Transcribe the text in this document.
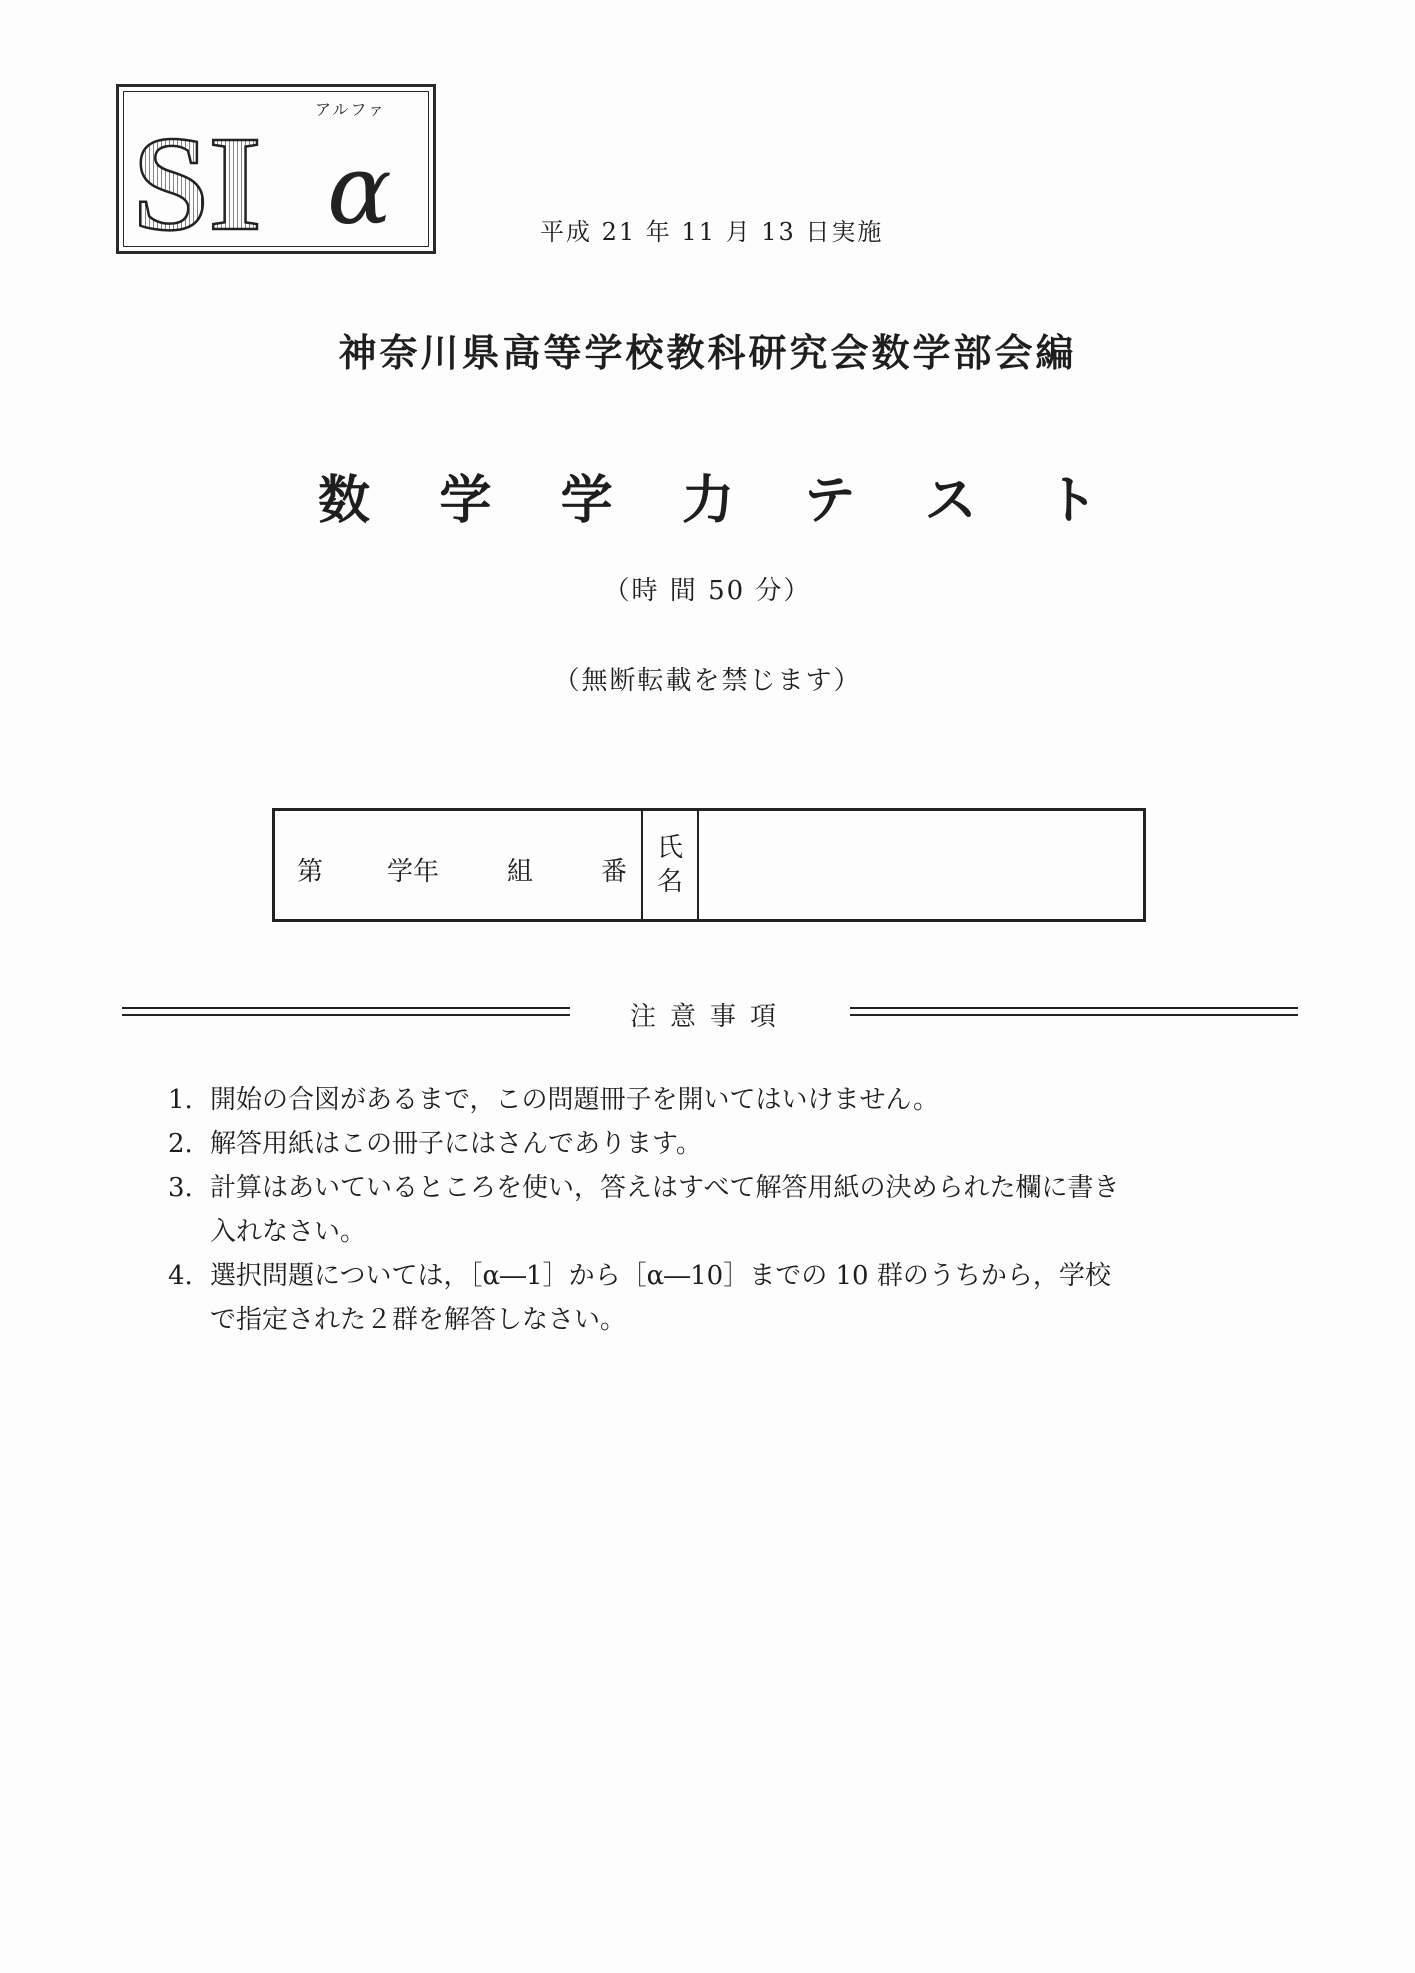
アルファ
SI α	平成 21 年 11 月 13 日実施
神奈川県高等学校教科研究会数学部会編
数 学 学 力 テ ス ト
（時 間 50 分）
（無断転載を禁じます）
第 学年	組	番
氏
名
注意事項
1. 開始の合図があるまで，この問題冊子を開いてはいけません。
2. 解答用紙はこの冊子にはさんであります。
3. 計算はあいているところを使い，答えはすべて解答用紙の決められた欄に書き入れなさい。
4. 選択問題については，［α―1］から［α―10］までの 10 群のうちから，学校で指定された２群を解答しなさい。
